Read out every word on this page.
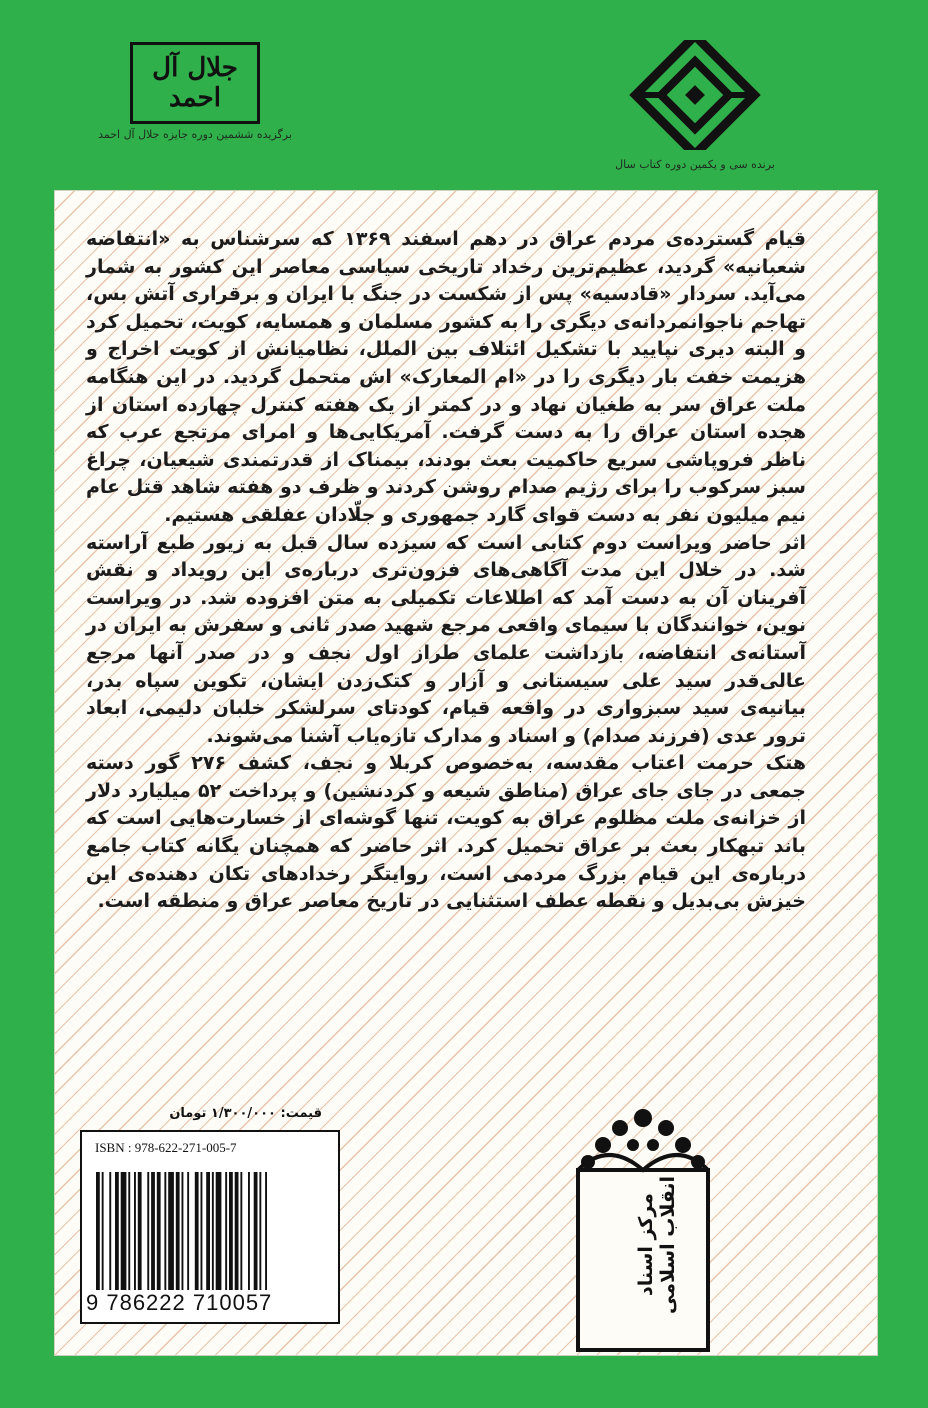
برنده سی و یکمین دوره کتاب سال
جلال آل احمد
برگزیده ششمین دوره جایزه جلال آل احمد

قیام گسترده‌ی مردم عراق در دهم اسفند ۱۳۶۹ که سرشناس به «انتفاضه شعبانیه» گردید، عظیم‌ترین رخداد تاریخی سیاسی معاصر این کشور به شمار می‌آید. سردار «قادسیه» پس از شکست در جنگ با ایران و برقراری آتش بس، تهاجم ناجوانمردانه‌ی دیگری را به کشور مسلمان و همسایه، کویت، تحمیل کرد و البته دیری نپایید با تشکیل ائتلاف بین الملل، نظامیانش از کویت اخراج و هزیمت خفت بار دیگری را در «ام المعارک» اش متحمل گردید. در این هنگامه ملت عراق سر به طغیان نهاد و در کمتر از یک هفته کنترل چهارده استان از هجده استان عراق را به دست گرفت. آمریکایی‌ها و امرای مرتجع عرب که ناظر فروپاشی سریع حاکمیت بعث بودند، بیمناک از قدرتمندی شیعیان، چراغ سبز سرکوب را برای رژیم صدام روشن کردند و ظرف دو هفته شاهد قتل عام نیم میلیون نفر به دست قوای گارد جمهوری و جلّادان عفلقی هستیم.

اثر حاضر ویراست دوم کتابی است که سیزده سال قبل به زیور طبع آراسته شد. در خلال این مدت آگاهی‌های فزون‌تری درباره‌ی این رویداد و نقش آفرینان آن به دست آمد که اطلاعات تکمیلی به متن افزوده شد. در ویراست نوین، خوانندگان با سیمای واقعی مرجع شهید صدر ثانی و سفرش به ایران در آستانه‌ی انتفاضه، بازداشت علمای طراز اول نجف و در صدر آنها مرجع عالی‌قدر سید علی سیستانی و آزار و کتک‌زدن ایشان، تکوین سپاه بدر، بیانیه‌ی سید سبزواری در واقعه قیام، کودتای سرلشکر خلبان دلیمی، ابعاد ترور عدی (فرزند صدام) و اسناد و مدارک تازه‌یاب آشنا می‌شوند.

هتک حرمت اعتاب مقدسه، به‌خصوص کربلا و نجف، کشف ۲۷۶ گور دسته جمعی در جای جای عراق (مناطق شیعه و کردنشین) و پرداخت ۵۲ میلیارد دلار از خزانه‌ی ملت مظلوم عراق به کویت، تنها گوشه‌ای از خسارت‌هایی است که باند تبهکار بعث بر عراق تحمیل کرد. اثر حاضر که همچنان یگانه کتاب جامع درباره‌ی این قیام بزرگ مردمی است، روایتگر رخدادهای تکان دهنده‌ی این خیزش بی‌بدیل و نقطه عطف استثنایی در تاریخ معاصر عراق و منطقه است.

قیمت: ۱/۳۰۰/۰۰۰ تومان
ISBN : 978-622-271-005-7
9 786222 710057
مرکز اسناد انقلاب اسلامی
